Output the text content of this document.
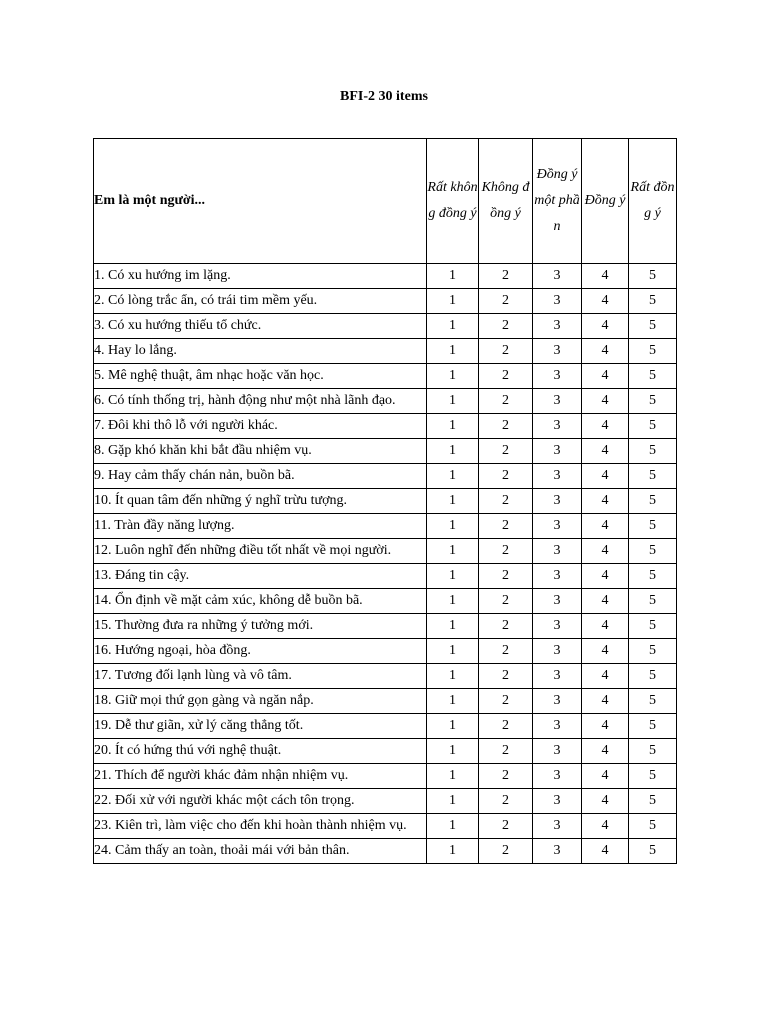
BFI-2 30 items
Em là một người...	Rất không đồng ý	Không đồng ý	Đồng ý một phần	Đồng ý	Rất đồng ý
1. Có xu hướng im lặng.	1	2	3	4	5
2. Có lòng trắc ẩn, có trái tim mềm yếu.	1	2	3	4	5
3. Có xu hướng thiếu tổ chức.	1	2	3	4	5
4. Hay lo lắng.	1	2	3	4	5
5. Mê nghệ thuật, âm nhạc hoặc văn học.	1	2	3	4	5
6. Có tính thống trị, hành động như một nhà lãnh đạo.	1	2	3	4	5
7. Đôi khi thô lỗ với người khác.	1	2	3	4	5
8. Gặp khó khăn khi bắt đầu nhiệm vụ.	1	2	3	4	5
9. Hay cảm thấy chán nản, buồn bã.	1	2	3	4	5
10. Ít quan tâm đến những ý nghĩ trừu tượng.	1	2	3	4	5
11. Tràn đầy năng lượng.	1	2	3	4	5
12. Luôn nghĩ đến những điều tốt nhất về mọi người.	1	2	3	4	5
13. Đáng tin cậy.	1	2	3	4	5
14. Ổn định về mặt cảm xúc, không dễ buồn bã.	1	2	3	4	5
15. Thường đưa ra những ý tưởng mới.	1	2	3	4	5
16. Hướng ngoại, hòa đồng.	1	2	3	4	5
17. Tương đối lạnh lùng và vô tâm.	1	2	3	4	5
18. Giữ mọi thứ gọn gàng và ngăn nắp.	1	2	3	4	5
19. Dễ thư giãn, xử lý căng thẳng tốt.	1	2	3	4	5
20. Ít có hứng thú với nghệ thuật.	1	2	3	4	5
21. Thích để người khác đảm nhận nhiệm vụ.	1	2	3	4	5
22. Đối xử với người khác một cách tôn trọng.	1	2	3	4	5
23. Kiên trì, làm việc cho đến khi hoàn thành nhiệm vụ.	1	2	3	4	5
24. Cảm thấy an toàn, thoải mái với bản thân.	1	2	3	4	5
